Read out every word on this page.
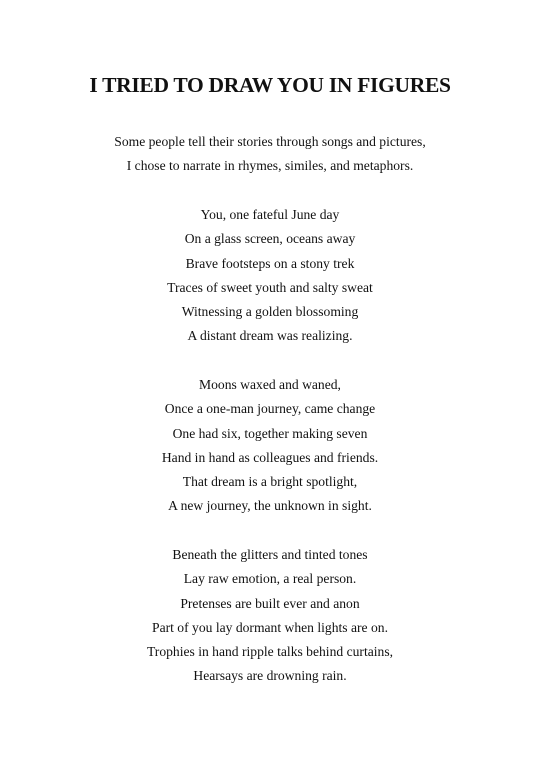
I TRIED TO DRAW YOU IN FIGURES
Some people tell their stories through songs and pictures,
I chose to narrate in rhymes, similes, and metaphors.
You, one fateful June day
On a glass screen, oceans away
Brave footsteps on a stony trek
Traces of sweet youth and salty sweat
Witnessing a golden blossoming
A distant dream was realizing.
Moons waxed and waned,
Once a one-man journey, came change
One had six, together making seven
Hand in hand as colleagues and friends.
That dream is a bright spotlight,
A new journey, the unknown in sight.
Beneath the glitters and tinted tones
Lay raw emotion, a real person.
Pretenses are built ever and anon
Part of you lay dormant when lights are on.
Trophies in hand ripple talks behind curtains,
Hearsays are drowning rain.
